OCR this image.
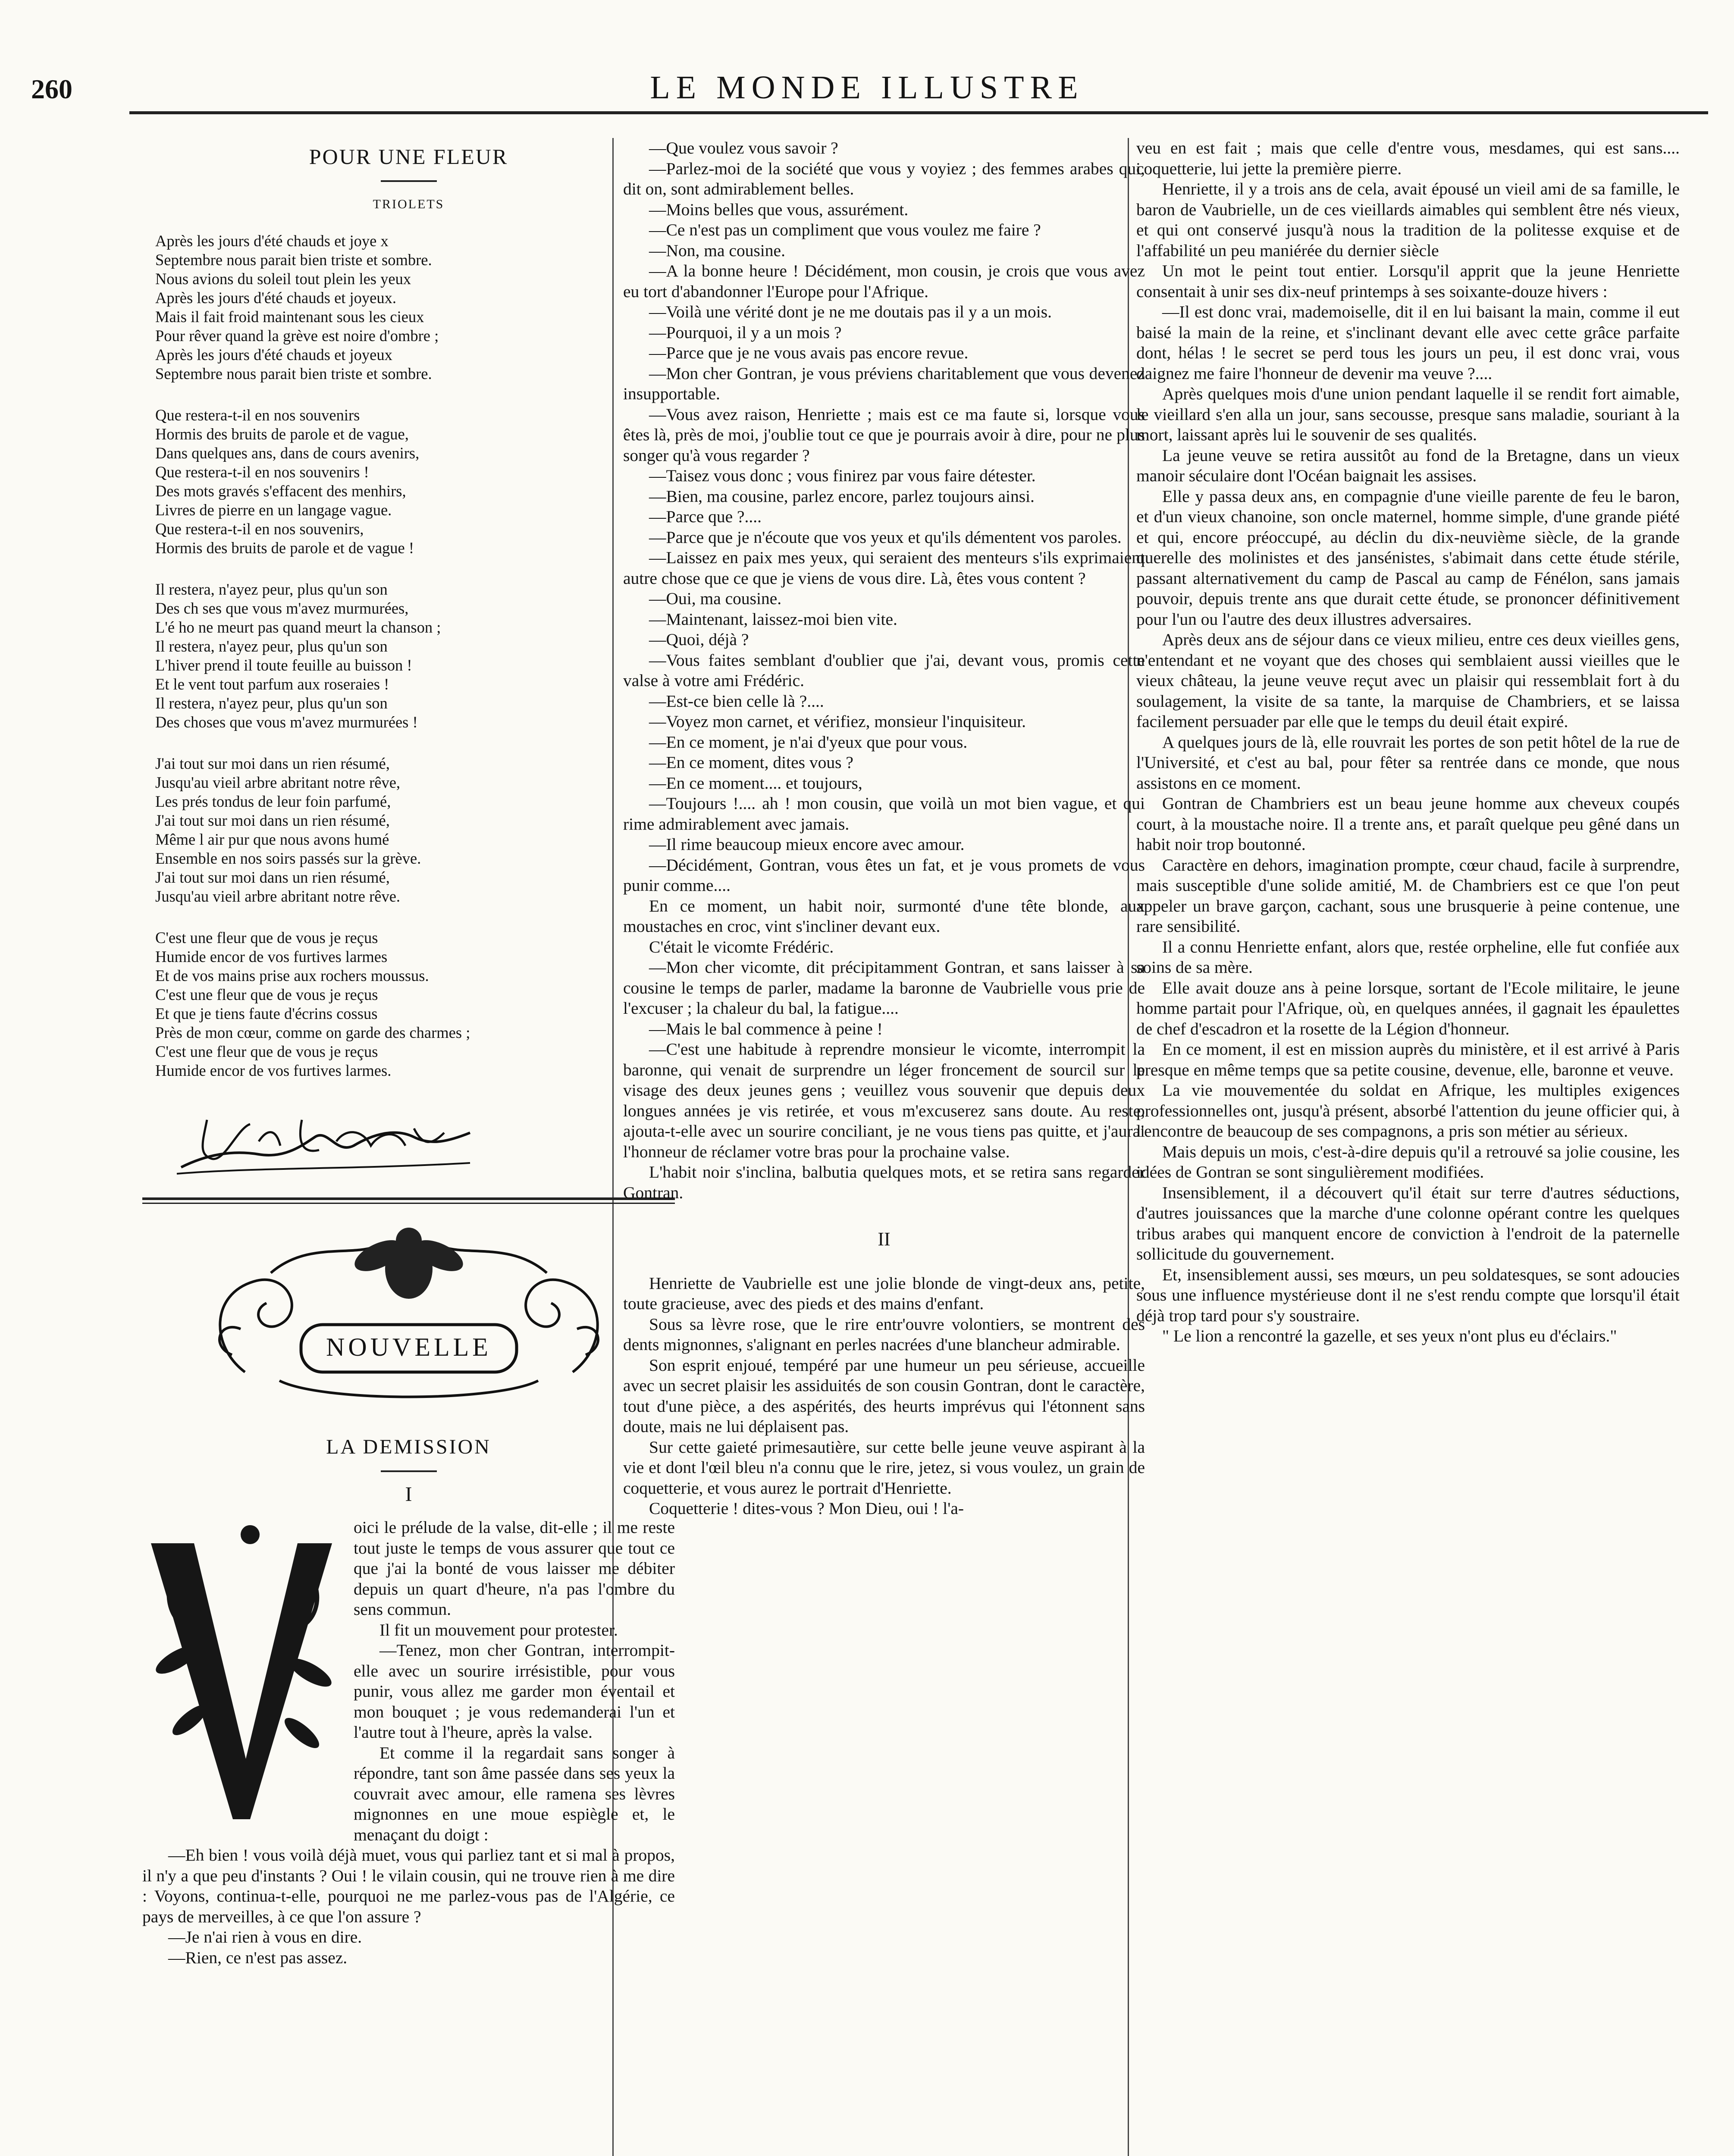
260	LE MONDE ILLUSTRE
POUR UNE FLEUR
TRIOLETS
Après les jours d'été chauds et joye x
Septembre nous parait bien triste et sombre.
Nous avions du soleil tout plein les yeux
Après les jours d'été chauds et joyeux.
Mais il fait froid maintenant sous les cieux
Pour rêver quand la grève est noire d'ombre ;
Après les jours d'été chauds et joyeux
Septembre nous parait bien triste et sombre.
Que restera-t-il en nos souvenirs
Hormis des bruits de parole et de vague,
Dans quelques ans, dans de cours avenirs,
Que restera-t-il en nos souvenirs !
Des mots gravés s'effacent des menhirs,
Livres de pierre en un langage vague.
Que restera-t-il en nos souvenirs,
Hormis des bruits de parole et de vague !
Il restera, n'ayez peur, plus qu'un son
Des ch ses que vous m'avez murmurées,
L'é ho ne meurt pas quand meurt la chanson ;
Il restera, n'ayez peur, plus qu'un son
L'hiver prend il toute feuille au buisson !
Et le vent tout parfum aux roseraies !
Il restera, n'ayez peur, plus qu'un son
Des choses que vous m'avez murmurées !
J'ai tout sur moi dans un rien résumé,
Jusqu'au vieil arbre abritant notre rêve,
Les prés tondus de leur foin parfumé,
J'ai tout sur moi dans un rien résumé,
Même l air pur que nous avons humé
Ensemble en nos soirs passés sur la grève.
J'ai tout sur moi dans un rien résumé,
Jusqu'au vieil arbre abritant notre rêve.
C'est une fleur que de vous je reçus
Humide encor de vos furtives larmes
Et de vos mains prise aux rochers moussus.
C'est une fleur que de vous je reçus
Et que je tiens faute d'écrins cossus
Près de mon cœur, comme on garde des charmes ;
C'est une fleur que de vous je reçus
Humide encor de vos furtives larmes.
NOUVELLE
LA DEMISSION
I

oici le prélude de la valse, dit-elle ; il me reste tout juste le temps de vous assurer que tout ce que j'ai la bonté de vous laisser me débiter depuis un quart d'heure, n'a pas l'ombre du sens commun.

Il fit un mouvement pour protester.

—Tenez, mon cher Gontran, interrompit-elle avec un sourire irrésistible, pour vous punir, vous allez me garder mon éventail et mon bouquet ; je vous redemanderai l'un et l'autre tout à l'heure, après la valse.

Et comme il la regardait sans songer à répondre, tant son âme passée dans ses yeux la couvrait avec amour, elle ramena ses lèvres mignonnes en une moue espiègle et, le menaçant du doigt :

—Eh bien ! vous voilà déjà muet, vous qui parliez tant et si mal à propos, il n'y a que peu d'instants ? Oui ! le vilain cousin, qui ne trouve rien à me dire : Voyons, continua-t-elle, pourquoi ne me parlez-vous pas de l'Algérie, ce pays de merveilles, à ce que l'on assure ?

—Je n'ai rien à vous en dire.

—Rien, ce n'est pas assez.

—Que voulez vous savoir ?

—Parlez-moi de la société que vous y voyiez ; des femmes arabes qui, dit on, sont admirablement belles.

—Moins belles que vous, assurément.

—Ce n'est pas un compliment que vous voulez me faire ?

—Non, ma cousine.

—A la bonne heure ! Décidément, mon cousin, je crois que vous avez eu tort d'abandonner l'Europe pour l'Afrique.

—Voilà une vérité dont je ne me doutais pas il y a un mois.

—Pourquoi, il y a un mois ?

—Parce que je ne vous avais pas encore revue.

—Mon cher Gontran, je vous préviens charitablement que vous devenez insupportable.

—Vous avez raison, Henriette ; mais est ce ma faute si, lorsque vous êtes là, près de moi, j'oublie tout ce que je pourrais avoir à dire, pour ne plus songer qu'à vous regarder ?

—Taisez vous donc ; vous finirez par vous faire détester.

—Bien, ma cousine, parlez encore, parlez toujours ainsi.

—Parce que ?....

—Parce que je n'écoute que vos yeux et qu'ils démentent vos paroles.

—Laissez en paix mes yeux, qui seraient des menteurs s'ils exprimaient autre chose que ce que je viens de vous dire. Là, êtes vous content ?

—Oui, ma cousine.

—Maintenant, laissez-moi bien vite.

—Quoi, déjà ?

—Vous faites semblant d'oublier que j'ai, devant vous, promis cette valse à votre ami Frédéric.

—Est-ce bien celle là ?....

—Voyez mon carnet, et vérifiez, monsieur l'inquisiteur.

—En ce moment, je n'ai d'yeux que pour vous.

—En ce moment, dites vous ?

—En ce moment.... et toujours,

—Toujours !.... ah ! mon cousin, que voilà un mot bien vague, et qui rime admirablement avec jamais.

—Il rime beaucoup mieux encore avec amour.

—Décidément, Gontran, vous êtes un fat, et je vous promets de vous punir comme....

En ce moment, un habit noir, surmonté d'une tête blonde, aux moustaches en croc, vint s'incliner devant eux.

C'était le vicomte Frédéric.

—Mon cher vicomte, dit précipitamment Gontran, et sans laisser à sa cousine le temps de parler, madame la baronne de Vaubrielle vous prie de l'excuser ; la chaleur du bal, la fatigue....

—Mais le bal commence à peine !

—C'est une habitude à reprendre monsieur le vicomte, interrompit la baronne, qui venait de surprendre un léger froncement de sourcil sur le visage des deux jeunes gens ; veuillez vous souvenir que depuis deux longues années je vis retirée, et vous m'excuserez sans doute. Au reste, ajouta-t-elle avec un sourire conciliant, je ne vous tiens pas quitte, et j'aurai l'honneur de réclamer votre bras pour la prochaine valse.

L'habit noir s'inclina, balbutia quelques mots, et se retira sans regarder Gontran.

II

Henriette de Vaubrielle est une jolie blonde de vingt-deux ans, petite, toute gracieuse, avec des pieds et des mains d'enfant.

Sous sa lèvre rose, que le rire entr'ouvre volontiers, se montrent des dents mignonnes, s'alignant en perles nacrées d'une blancheur admirable.

Son esprit enjoué, tempéré par une humeur un peu sérieuse, accueille avec un secret plaisir les assiduités de son cousin Gontran, dont le caractère, tout d'une pièce, a des aspérités, des heurts imprévus qui l'étonnent sans doute, mais ne lui déplaisent pas.

Sur cette gaieté primesautière, sur cette belle jeune veuve aspirant à la vie et dont l'œil bleu n'a connu que le rire, jetez, si vous voulez, un grain de coquetterie, et vous aurez le portrait d'Henriette.

Coquetterie ! dites-vous ? Mon Dieu, oui ! l'a-

veu en est fait ; mais que celle d'entre vous, mesdames, qui est sans.... coquetterie, lui jette la première pierre.

Henriette, il y a trois ans de cela, avait épousé un vieil ami de sa famille, le baron de Vaubrielle, un de ces vieillards aimables qui semblent être nés vieux, et qui ont conservé jusqu'à nous la tradition de la politesse exquise et de l'affabilité un peu maniérée du dernier siècle

Un mot le peint tout entier. Lorsqu'il apprit que la jeune Henriette consentait à unir ses dix-neuf printemps à ses soixante-douze hivers :

—Il est donc vrai, mademoiselle, dit il en lui baisant la main, comme il eut baisé la main de la reine, et s'inclinant devant elle avec cette grâce parfaite dont, hélas ! le secret se perd tous les jours un peu, il est donc vrai, vous daignez me faire l'honneur de devenir ma veuve ?....

Après quelques mois d'une union pendant laquelle il se rendit fort aimable, le vieillard s'en alla un jour, sans secousse, presque sans maladie, souriant à la mort, laissant après lui le souvenir de ses qualités.

La jeune veuve se retira aussitôt au fond de la Bretagne, dans un vieux manoir séculaire dont l'Océan baignait les assises.

Elle y passa deux ans, en compagnie d'une vieille parente de feu le baron, et d'un vieux chanoine, son oncle maternel, homme simple, d'une grande piété et qui, encore préoccupé, au déclin du dix-neuvième siècle, de la grande querelle des molinistes et des jansénistes, s'abimait dans cette étude stérile, passant alternativement du camp de Pascal au camp de Fénélon, sans jamais pouvoir, depuis trente ans que durait cette étude, se prononcer définitivement pour l'un ou l'autre des deux illustres adversaires.

Après deux ans de séjour dans ce vieux milieu, entre ces deux vieilles gens, n'entendant et ne voyant que des choses qui semblaient aussi vieilles que le vieux château, la jeune veuve reçut avec un plaisir qui ressemblait fort à du soulagement, la visite de sa tante, la marquise de Chambriers, et se laissa facilement persuader par elle que le temps du deuil était expiré.

A quelques jours de là, elle rouvrait les portes de son petit hôtel de la rue de l'Université, et c'est au bal, pour fêter sa rentrée dans ce monde, que nous assistons en ce moment.

Gontran de Chambriers est un beau jeune homme aux cheveux coupés court, à la moustache noire. Il a trente ans, et paraît quelque peu gêné dans un habit noir trop boutonné.

Caractère en dehors, imagination prompte, cœur chaud, facile à surprendre, mais susceptible d'une solide amitié, M. de Chambriers est ce que l'on peut appeler un brave garçon, cachant, sous une brusquerie à peine contenue, une rare sensibilité.

Il a connu Henriette enfant, alors que, restée orpheline, elle fut confiée aux soins de sa mère.

Elle avait douze ans à peine lorsque, sortant de l'Ecole militaire, le jeune homme partait pour l'Afrique, où, en quelques années, il gagnait les épaulettes de chef d'escadron et la rosette de la Légion d'honneur.

En ce moment, il est en mission auprès du ministère, et il est arrivé à Paris presque en même temps que sa petite cousine, devenue, elle, baronne et veuve.

La vie mouvementée du soldat en Afrique, les multiples exigences professionnelles ont, jusqu'à présent, absorbé l'attention du jeune officier qui, à l'encontre de beaucoup de ses compagnons, a pris son métier au sérieux.

Mais depuis un mois, c'est-à-dire depuis qu'il a retrouvé sa jolie cousine, les idées de Gontran se sont singulièrement modifiées.

Insensiblement, il a découvert qu'il était sur terre d'autres séductions, d'autres jouissances que la marche d'une colonne opérant contre les quelques tribus arabes qui manquent encore de conviction à l'endroit de la paternelle sollicitude du gouvernement.

Et, insensiblement aussi, ses mœurs, un peu soldatesques, se sont adoucies sous une influence mystérieuse dont il ne s'est rendu compte que lorsqu'il était déjà trop tard pour s'y soustraire.

" Le lion a rencontré la gazelle, et ses yeux n'ont plus eu d'éclairs."
